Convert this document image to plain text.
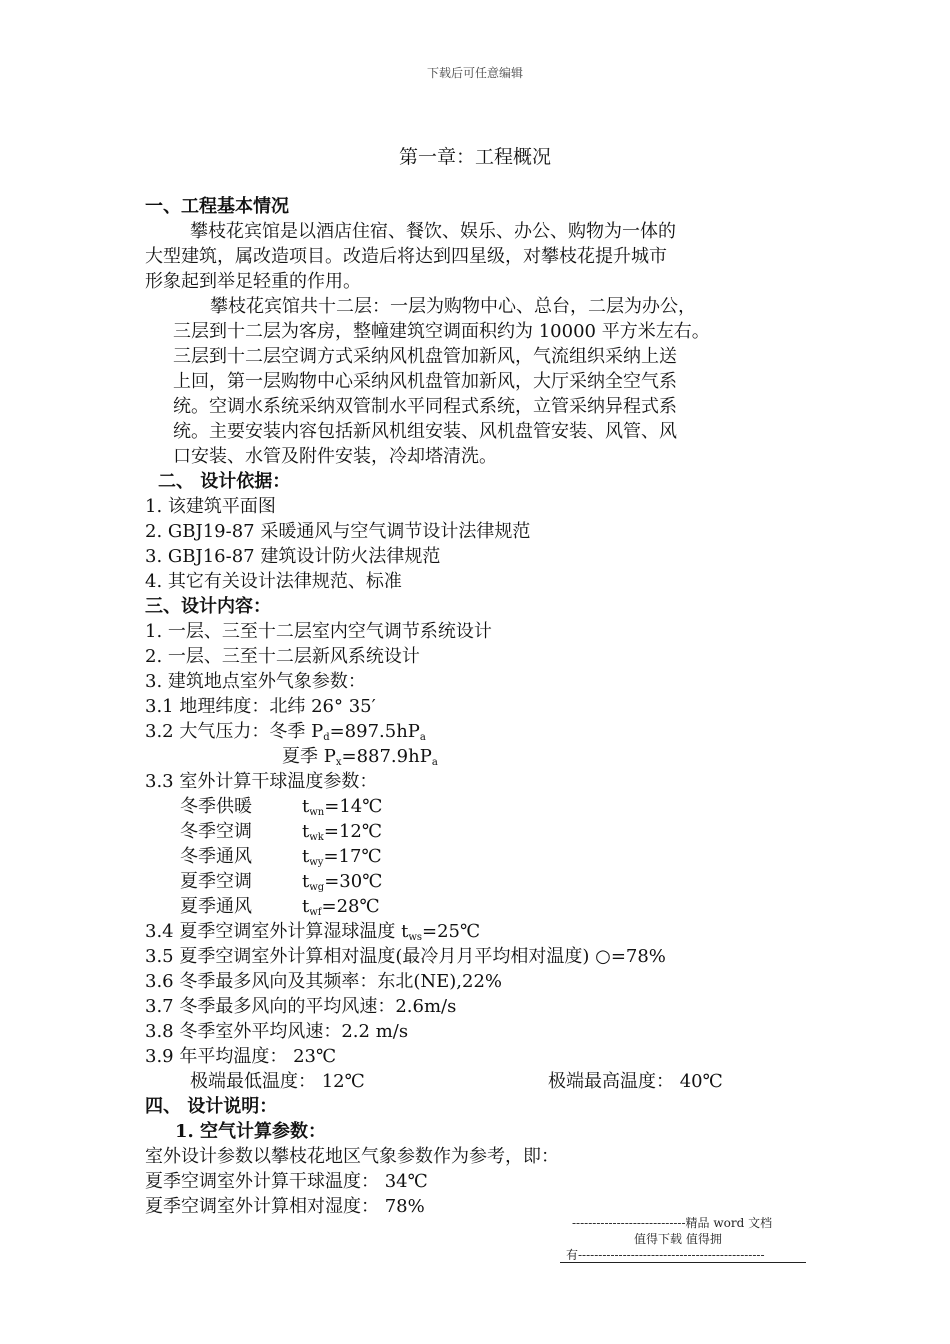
下载后可任意编辑
第一章：工程概况
一、工程基本情况
攀枝花宾馆是以酒店住宿、餐饮、娱乐、办公、购物为一体的
大型建筑，属改造项目。改造后将达到四星级，对攀枝花提升城市
形象起到举足轻重的作用。
攀枝花宾馆共十二层：一层为购物中心、总台，二层为办公，
三层到十二层为客房，整幢建筑空调面积约为 10000 平方米左右。
三层到十二层空调方式采纳风机盘管加新风，气流组织采纳上送
上回，第一层购物中心采纳风机盘管加新风，大厅采纳全空气系
统。空调水系统采纳双管制水平同程式系统，立管采纳异程式系
统。主要安装内容包括新风机组安装、风机盘管安装、风管、风
口安装、水管及附件安装，冷却塔清洗。
二、 设计依据：
1. 该建筑平面图
2. GBJ19-87 采暖通风与空气调节设计法律规范
3. GBJ16-87 建筑设计防火法律规范
4. 其它有关设计法律规范、标准
三、设计内容：
1. 一层、三至十二层室内空气调节系统设计
2. 一层、三至十二层新风系统设计
3. 建筑地点室外气象参数：
3.1 地理纬度：北纬 26° 35′
3.2 大气压力：冬季 $P_d=897.5hP_a$
夏季 $P_x=887.9hP_a$
3.3 室外计算干球温度参数：
冬季供暖	$t_{wn}=14℃$
冬季空调	$t_{wk}=12℃$
冬季通风	$t_{wy}=17℃$
夏季空调	$t_{wg}=30℃$
夏季通风	$t_{wf}=28℃$
3.4 夏季空调室外计算湿球温度 $t_{ws}=25℃$
3.5 夏季空调室外计算相对温度(最冷月月平均相对温度) ○=78%
3.6 冬季最多风向及其频率：东北(NE),22%
3.7 冬季最多风向的平均风速：2.6m/s
3.8 冬季室外平均风速：2.2 m/s
3.9 年平均温度： 23℃
极端最低温度： 12℃	极端最高温度： 40℃
四、 设计说明：
1. 空气计算参数：
室外设计参数以攀枝花地区气象参数作为参考，即：
夏季空调室外计算干球温度： 34℃
夏季空调室外计算相对湿度： 78%
----------------------------精品 word 文档
值得下载 值得拥
有----------------------------------------------
